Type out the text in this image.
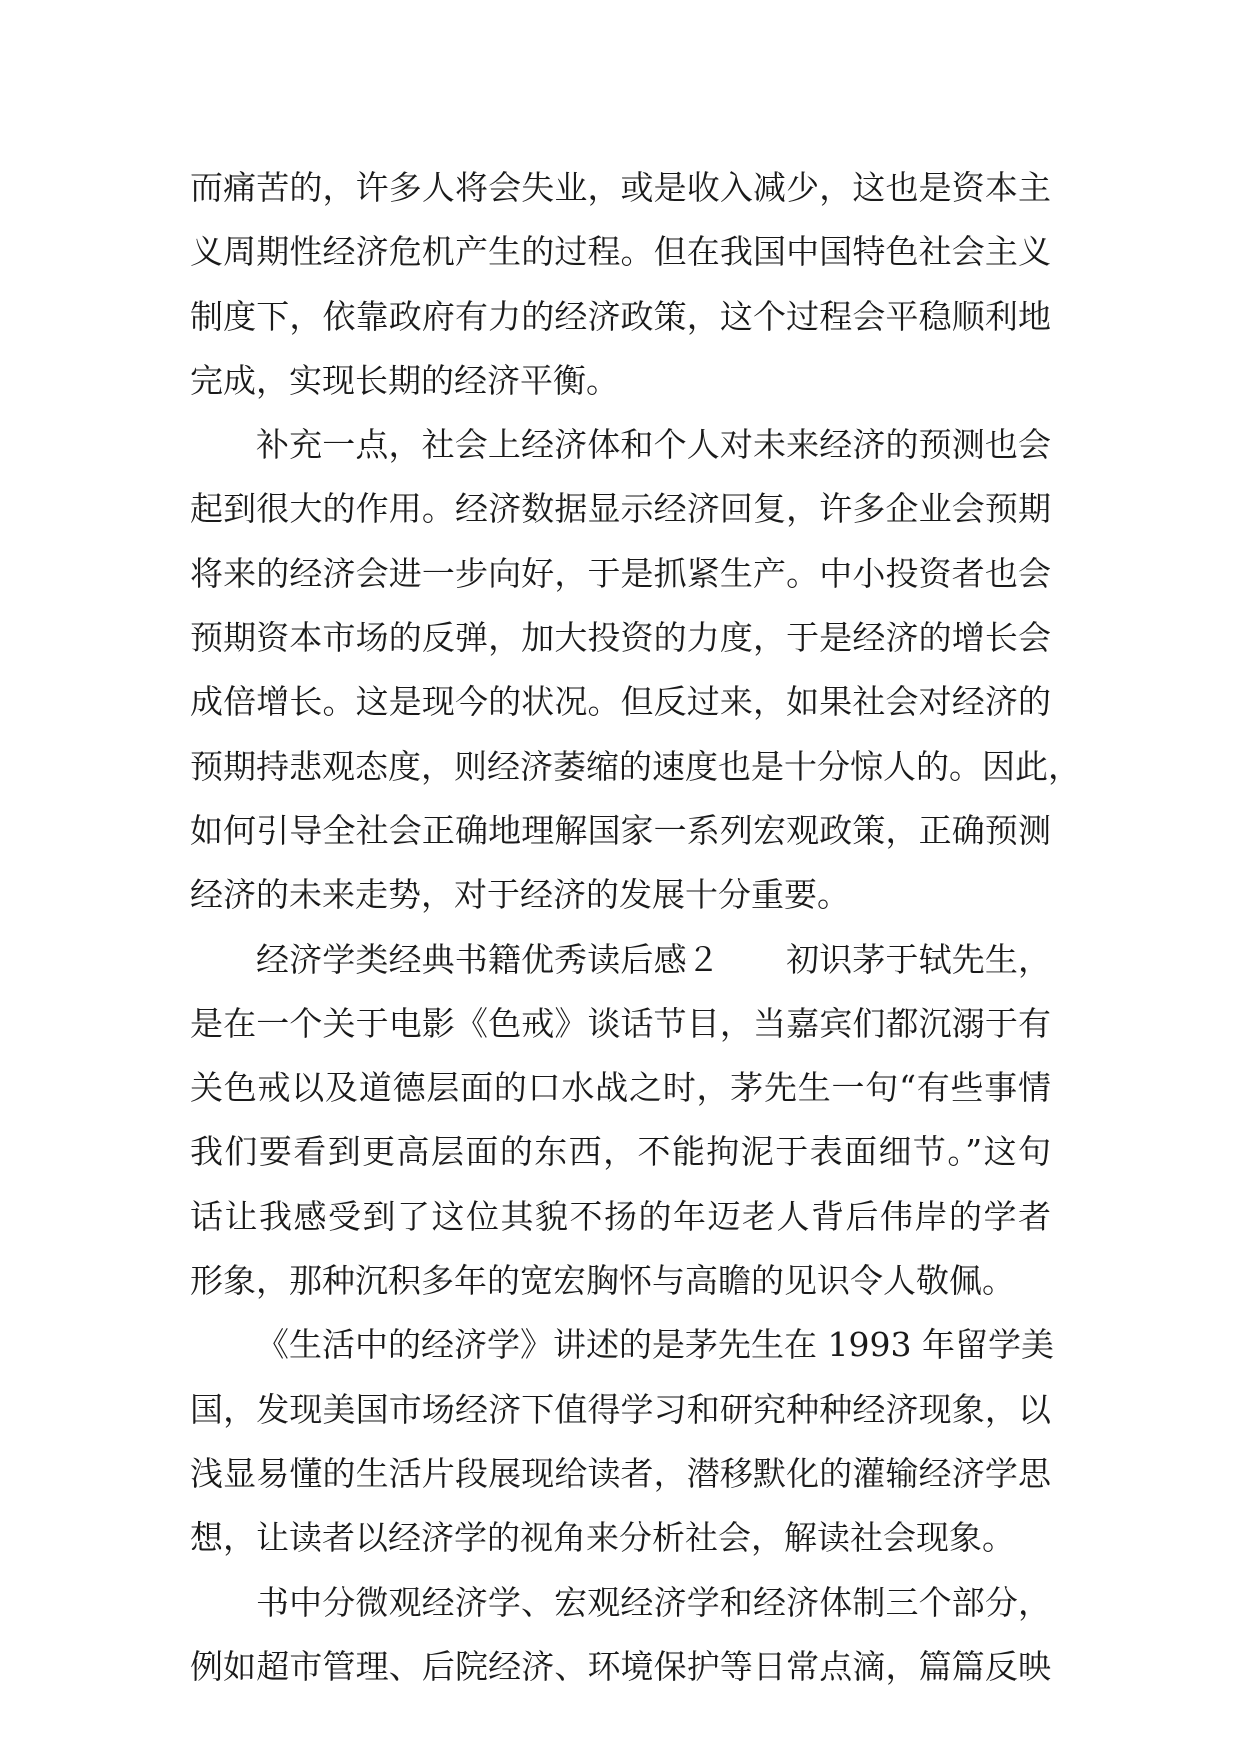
而痛苦的，许多人将会失业，或是收入减少，这也是资本主
义周期性经济危机产生的过程。但在我国中国特色社会主义
制度下，依靠政府有力的经济政策，这个过程会平稳顺利地
完成，实现长期的经济平衡。
补充一点，社会上经济体和个人对未来经济的预测也会
起到很大的作用。经济数据显示经济回复，许多企业会预期
将来的经济会进一步向好，于是抓紧生产。中小投资者也会
预期资本市场的反弹，加大投资的力度，于是经济的增长会
成倍增长。这是现今的状况。但反过来，如果社会对经济的
预期持悲观态度，则经济萎缩的速度也是十分惊人的。因此，
如何引导全社会正确地理解国家一系列宏观政策，正确预测
经济的未来走势，对于经济的发展十分重要。
经济学类经典书籍优秀读后感２　　初识茅于轼先生，
是在一个关于电影《色戒》谈话节目，当嘉宾们都沉溺于有
关色戒以及道德层面的口水战之时，茅先生一句“有些事情
我们要看到更高层面的东西，不能拘泥于表面细节。”这句
话让我感受到了这位其貌不扬的年迈老人背后伟岸的学者
形象，那种沉积多年的宽宏胸怀与高瞻的见识令人敬佩。
《生活中的经济学》讲述的是茅先生在 1993 年留学美
国，发现美国市场经济下值得学习和研究种种经济现象，以
浅显易懂的生活片段展现给读者，潜移默化的灌输经济学思
想，让读者以经济学的视角来分析社会，解读社会现象。
书中分微观经济学、宏观经济学和经济体制三个部分，
例如超市管理、后院经济、环境保护等日常点滴，篇篇反映
